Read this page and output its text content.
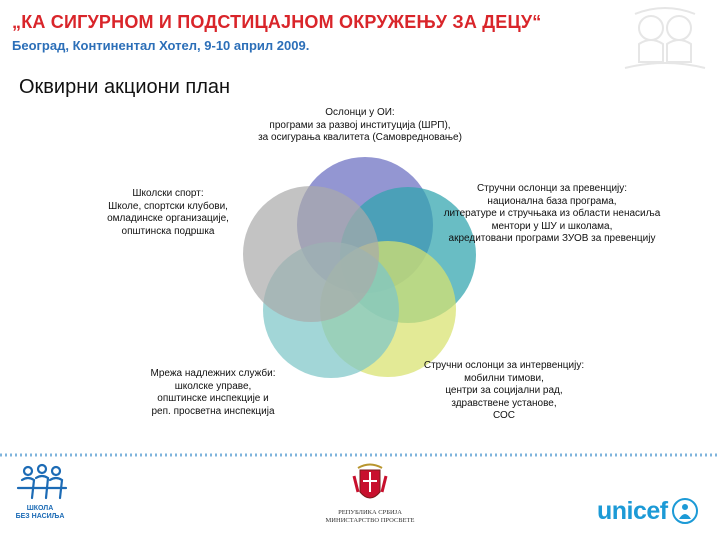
„КА СИГУРНОМ И ПОДСТИЦАЈНОМ ОКРУЖЕЊУ ЗА ДЕЦУ“
Београд, Континентал Хотел, 9-10 април 2009.
Оквирни акциони план
Ослонци у ОИ:
програми за развој институција (ШРП),
за осигурања квалитета (Самовредновање)
Стручни ослонци за превенцију:
национална база програма,
литературе и стручњака из области ненасиља
ментори у ШУ и школама,
акредитовани програми ЗУОВ за превенцију
Школски спорт:
Школе, спортски клубови,
омладинске организације,
општинска подршка
Мрежа надлежних служби:
школске управе,
општинске инспекције и
реп. просветна инспекција
Стручни ослонци за интервенцију:
мобилни тимови,
центри за социјални рад,
здравствене установе,
СОС
ШКОЛА
БЕЗ НАСИЉА
РЕПУБЛИКА СРБИЈА
МИНИСТАРСТВО ПРОСВЕТЕ	unicef
